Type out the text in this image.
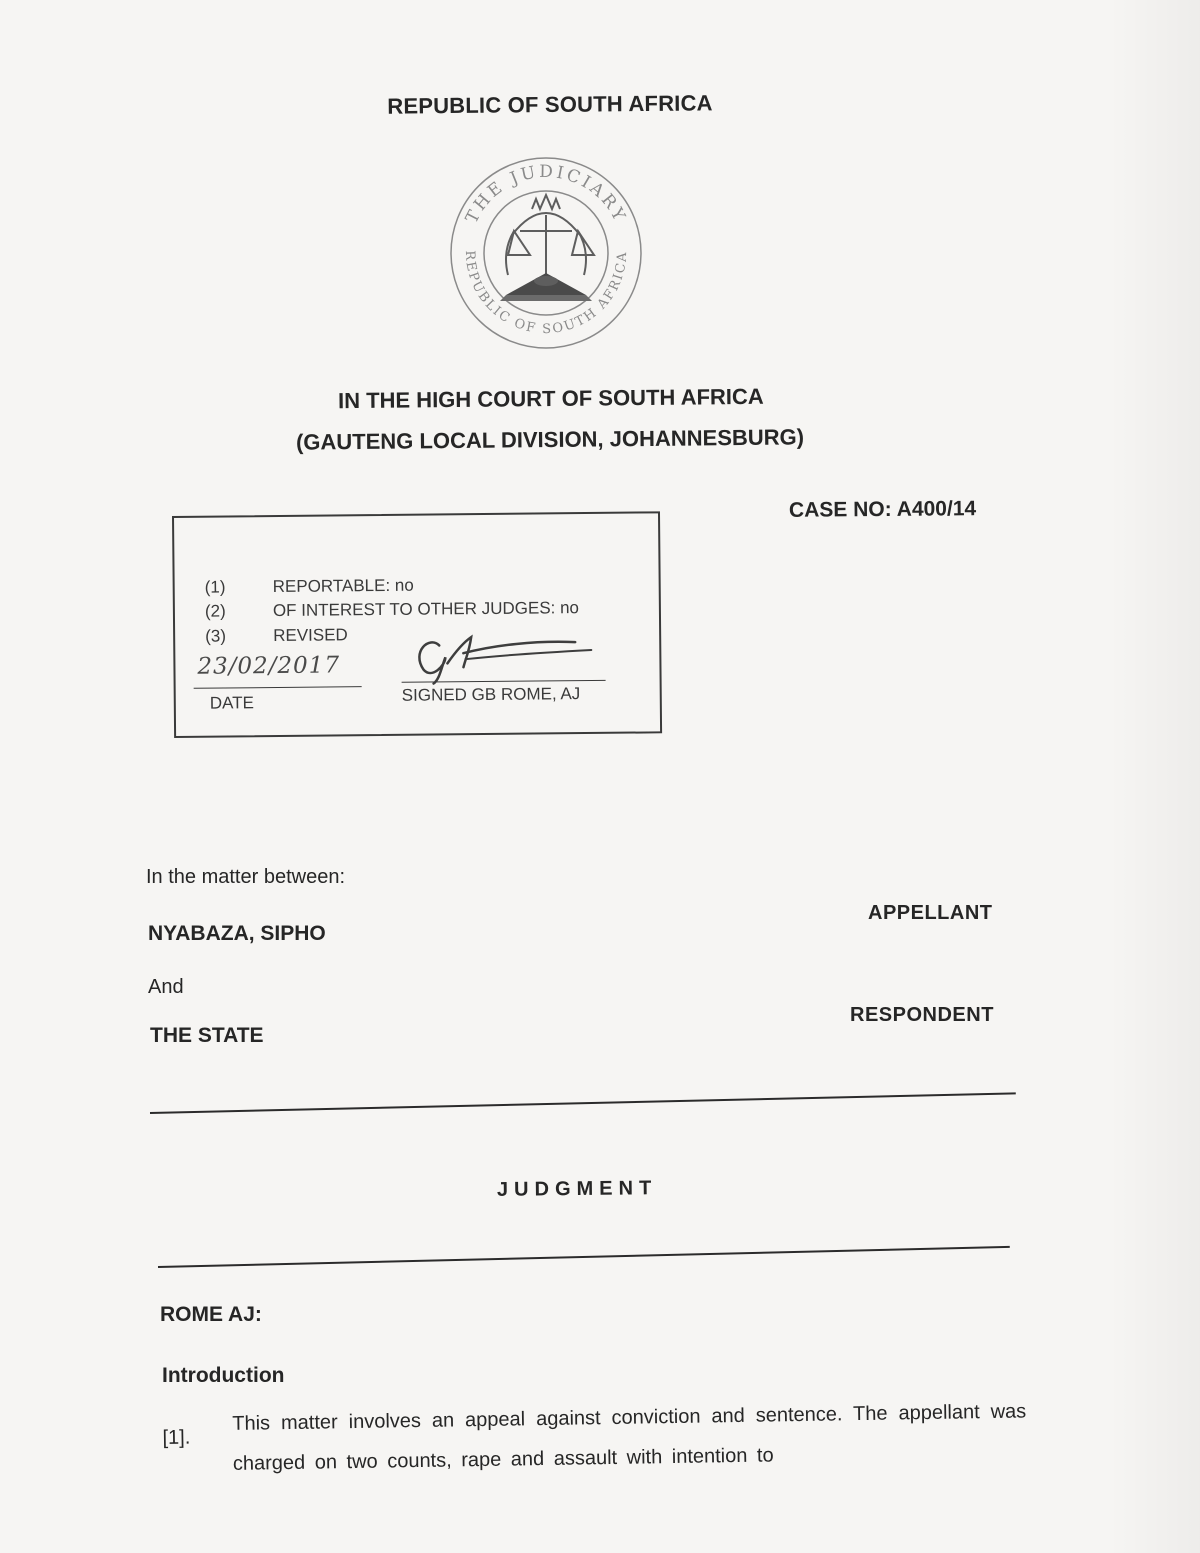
REPUBLIC OF SOUTH AFRICA
THE JUDICIARY
REPUBLIC OF SOUTH AFRICA
IN THE HIGH COURT OF SOUTH AFRICA
(GAUTENG LOCAL DIVISION, JOHANNESBURG)
CASE NO: A400/14
(1)	REPORTABLE: no
(2)	OF INTEREST TO OTHER JUDGES: no
(3)	REVISED
23/02/2017
DATE	SIGNED GB ROME, AJ
In the matter between:
NYABAZA, SIPHO
APPELLANT
And
THE STATE
RESPONDENT
JUDGMENT
ROME AJ:
Introduction
[1].
This matter involves an appeal against conviction and sentence. The appellant was charged on two counts, rape and assault with intention to
